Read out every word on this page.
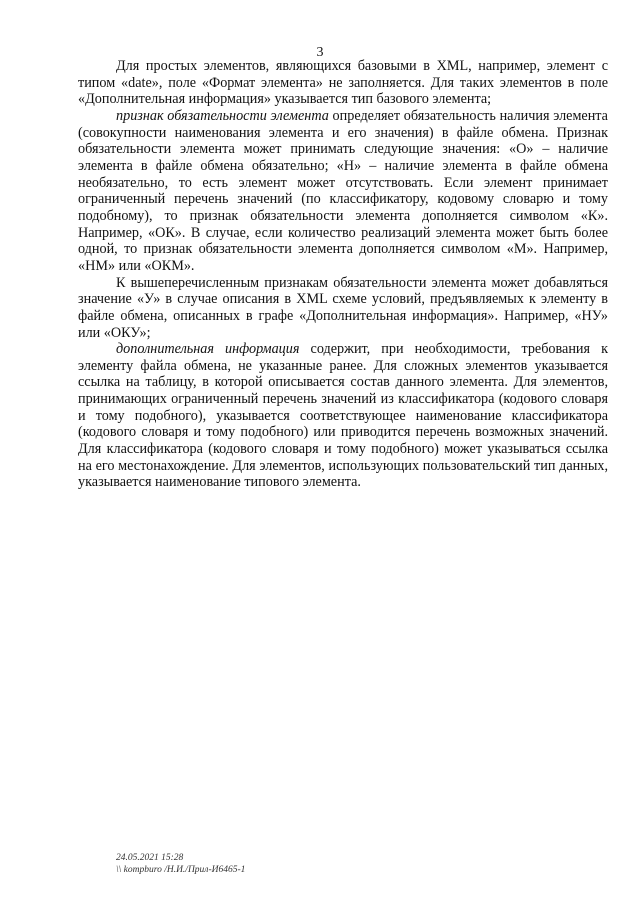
3

Для простых элементов, являющихся базовыми в XML, например, элемент с типом «date», поле «Формат элемента» не заполняется. Для таких элементов в поле «Дополнительная информация» указывается тип базового элемента;

признак обязательности элемента определяет обязательность наличия элемента (совокупности наименования элемента и его значения) в файле обмена. Признак обязательности элемента может принимать следующие значения: «О» – наличие элемента в файле обмена обязательно; «Н» – наличие элемента в файле обмена необязательно, то есть элемент может отсутствовать. Если элемент принимает ограниченный перечень значений (по классификатору, кодовому словарю и тому подобному), то признак обязательности элемента дополняется символом «К». Например, «ОК». В случае, если количество реализаций элемента может быть более одной, то признак обязательности элемента дополняется символом «М». Например, «НМ» или «ОКМ».

К вышеперечисленным признакам обязательности элемента может добавляться значение «У» в случае описания в XML схеме условий, предъявляемых к элементу в файле обмена, описанных в графе «Дополнительная информация». Например, «НУ» или «ОКУ»;

дополнительная информация содержит, при необходимости, требования к элементу файла обмена, не указанные ранее. Для сложных элементов указывается ссылка на таблицу, в которой описывается состав данного элемента. Для элементов, принимающих ограниченный перечень значений из классификатора (кодового словаря и тому подобного), указывается соответствующее наименование классификатора (кодового словаря и тому подобного) или приводится перечень возможных значений. Для классификатора (кодового словаря и тому подобного) может указываться ссылка на его местонахождение. Для элементов, использующих пользовательский тип данных, указывается наименование типового элемента.

24.05.2021 15:28
\\ kompburo /Н.И./Прил-И6465-1
